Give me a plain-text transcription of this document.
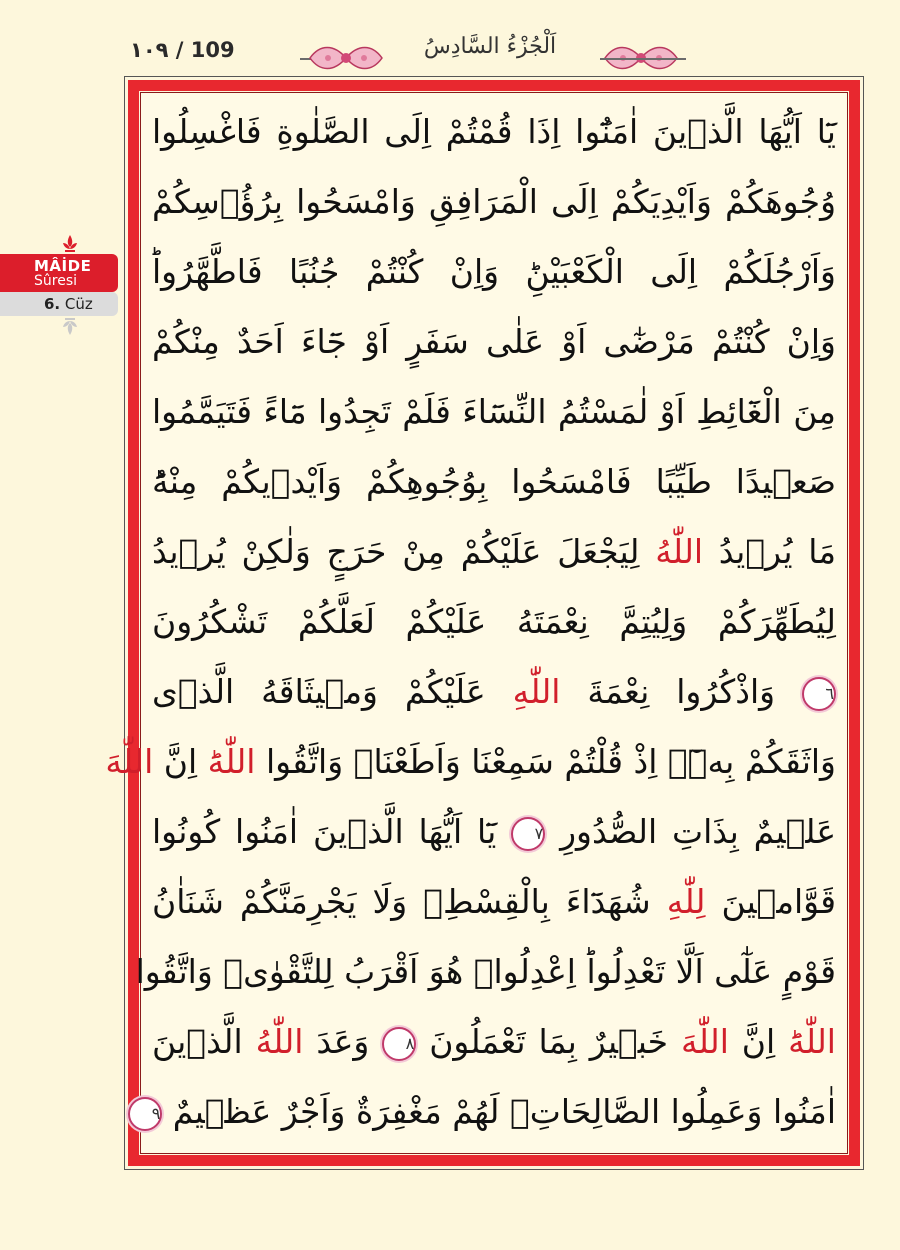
١٠٩ / 109	اَلْجُزْءُ السَّادِسُ
MÂİDE
Sûresi
6. Cüz
يَٓا اَيُّهَا الَّذٖينَ اٰمَنُٓوا اِذَا قُمْتُمْ اِلَى الصَّلٰوةِ فَاغْسِلُوا
وُجُوهَكُمْ وَاَيْدِيَكُمْ اِلَى الْمَرَافِقِ وَامْسَحُوا بِرُؤُ۫سِكُمْ
وَاَرْجُلَكُمْ اِلَى الْكَعْبَيْنِؕ وَاِنْ كُنْتُمْ جُنُبًا فَاطَّهَّرُواؕ
وَاِنْ كُنْتُمْ مَرْضٰٓى اَوْ عَلٰى سَفَرٍ اَوْ جَٓاءَ اَحَدٌ مِنْكُمْ
مِنَ الْغَٓائِطِ اَوْ لٰمَسْتُمُ النِّسَٓاءَ فَلَمْ تَجِدُوا مَٓاءً فَتَيَمَّمُوا
صَعٖيدًا طَيِّبًا فَامْسَحُوا بِوُجُوهِكُمْ وَاَيْدٖيكُمْ مِنْهُؕ
مَا يُرٖيدُ اللّٰهُ لِيَجْعَلَ عَلَيْكُمْ مِنْ حَرَجٍ وَلٰكِنْ يُرٖيدُ
لِيُطَهِّرَكُمْ وَلِيُتِمَّ نِعْمَتَهُ عَلَيْكُمْ لَعَلَّكُمْ تَشْكُرُونَ
٦ وَاذْكُرُوا نِعْمَةَ اللّٰهِ عَلَيْكُمْ وَمٖيثَاقَهُ الَّذٖى
وَاثَقَكُمْ بِهٖٓۙ اِذْ قُلْتُمْ سَمِعْنَا وَاَطَعْنَاؗ وَاتَّقُوا اللّٰهَؕ اِنَّ اللّٰهَ
عَلٖيمٌ بِذَاتِ الصُّدُورِ ٧ يَٓا اَيُّهَا الَّذٖينَ اٰمَنُوا كُونُوا
قَوَّامٖينَ لِلّٰهِ شُهَدَٓاءَ بِالْقِسْطِؗ وَلَا يَجْرِمَنَّكُمْ شَنَاٰنُ
قَوْمٍ عَلٰٓى اَلَّا تَعْدِلُواؕ اِعْدِلُواࣞ هُوَ اَقْرَبُ لِلتَّقْوٰىؗ وَاتَّقُوا
اللّٰهَؕ اِنَّ اللّٰهَ خَبٖيرٌ بِمَا تَعْمَلُونَ ٨ وَعَدَ اللّٰهُ الَّذٖينَ
اٰمَنُوا وَعَمِلُوا الصَّالِحَاتِۙ لَهُمْ مَغْفِرَةٌ وَاَجْرٌ عَظٖيمٌ ٩
